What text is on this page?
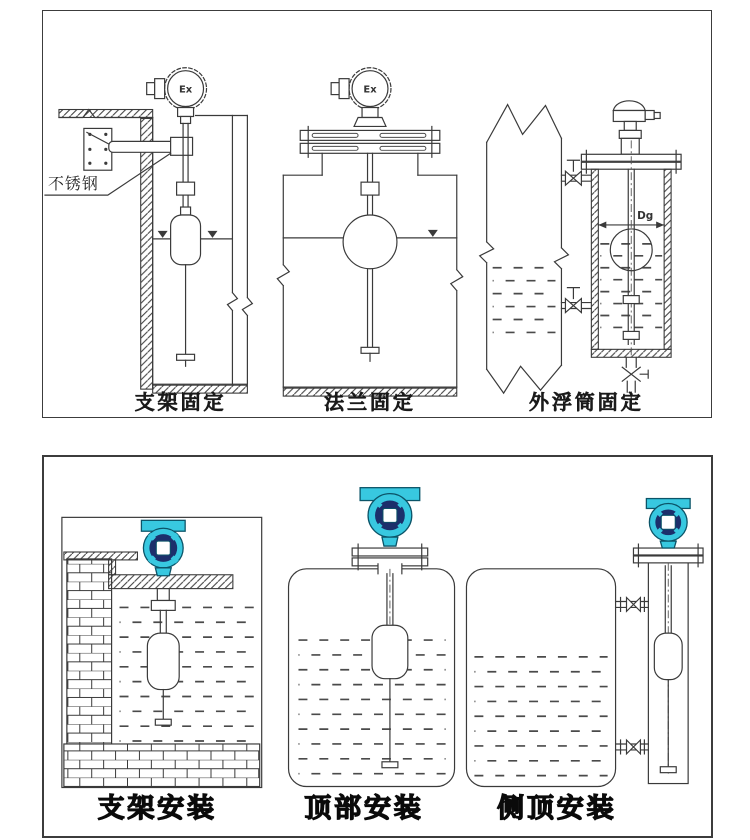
不锈钢
Ex
支架固定
Ex
法兰固定
Dg
外浮筒固定
支架安装	顶部安装	侧顶安装
